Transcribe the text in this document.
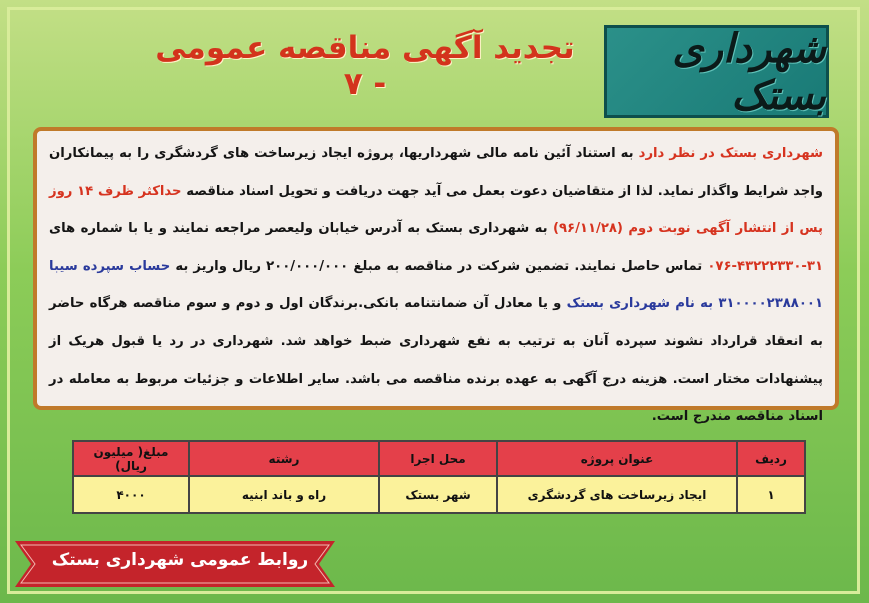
شهرداری بستک
تجدید آگهی مناقصه عمومی - ۷
شهرداری بستک در نظر دارد به استناد آئین نامه مالی شهرداریها، پروژه ایجاد زیرساخت های گردشگری را به پیمانکاران واجد شرایط واگذار نماید. لذا از متقاضیان دعوت بعمل می آید جهت دریافت و تحویل اسناد مناقصه حداکثر ظرف ۱۴ روز پس از انتشار آگهی نوبت دوم (۹۶/۱۱/۲۸) به شهرداری بستک به آدرس خیابان ولیعصر مراجعه نمایند و یا با شماره های ۳۱-۴۳۲۲۲۳۳۰-۰۷۶ تماس حاصل نمایند. تضمین شرکت در مناقصه به مبلغ ۲۰۰/۰۰۰/۰۰۰ ریال واریز به حساب سپرده سیبا ۳۱۰۰۰۰۲۳۸۸۰۰۱ به نام شهرداری بستک و یا معادل آن ضمانتنامه بانکی.برندگان اول و دوم و سوم مناقصه هرگاه حاضر به انعقاد قرارداد نشوند سپرده آنان به ترتیب به نفع شهرداری ضبط خواهد شد. شهرداری در رد یا قبول هریک از پیشنهادات مختار است. هزینه درج آگهی به عهده برنده مناقصه می باشد. سایر اطلاعات و جزئیات مربوط به معامله در اسناد مناقصه مندرج است.
ردیف	عنوان پروژه	محل اجرا	رشته	مبلغ( میلیون ریال)
۱	ایجاد زیرساخت های گردشگری	شهر بستک	راه و باند ابنیه	۴۰۰۰
روابط عمومی شهرداری بستک
